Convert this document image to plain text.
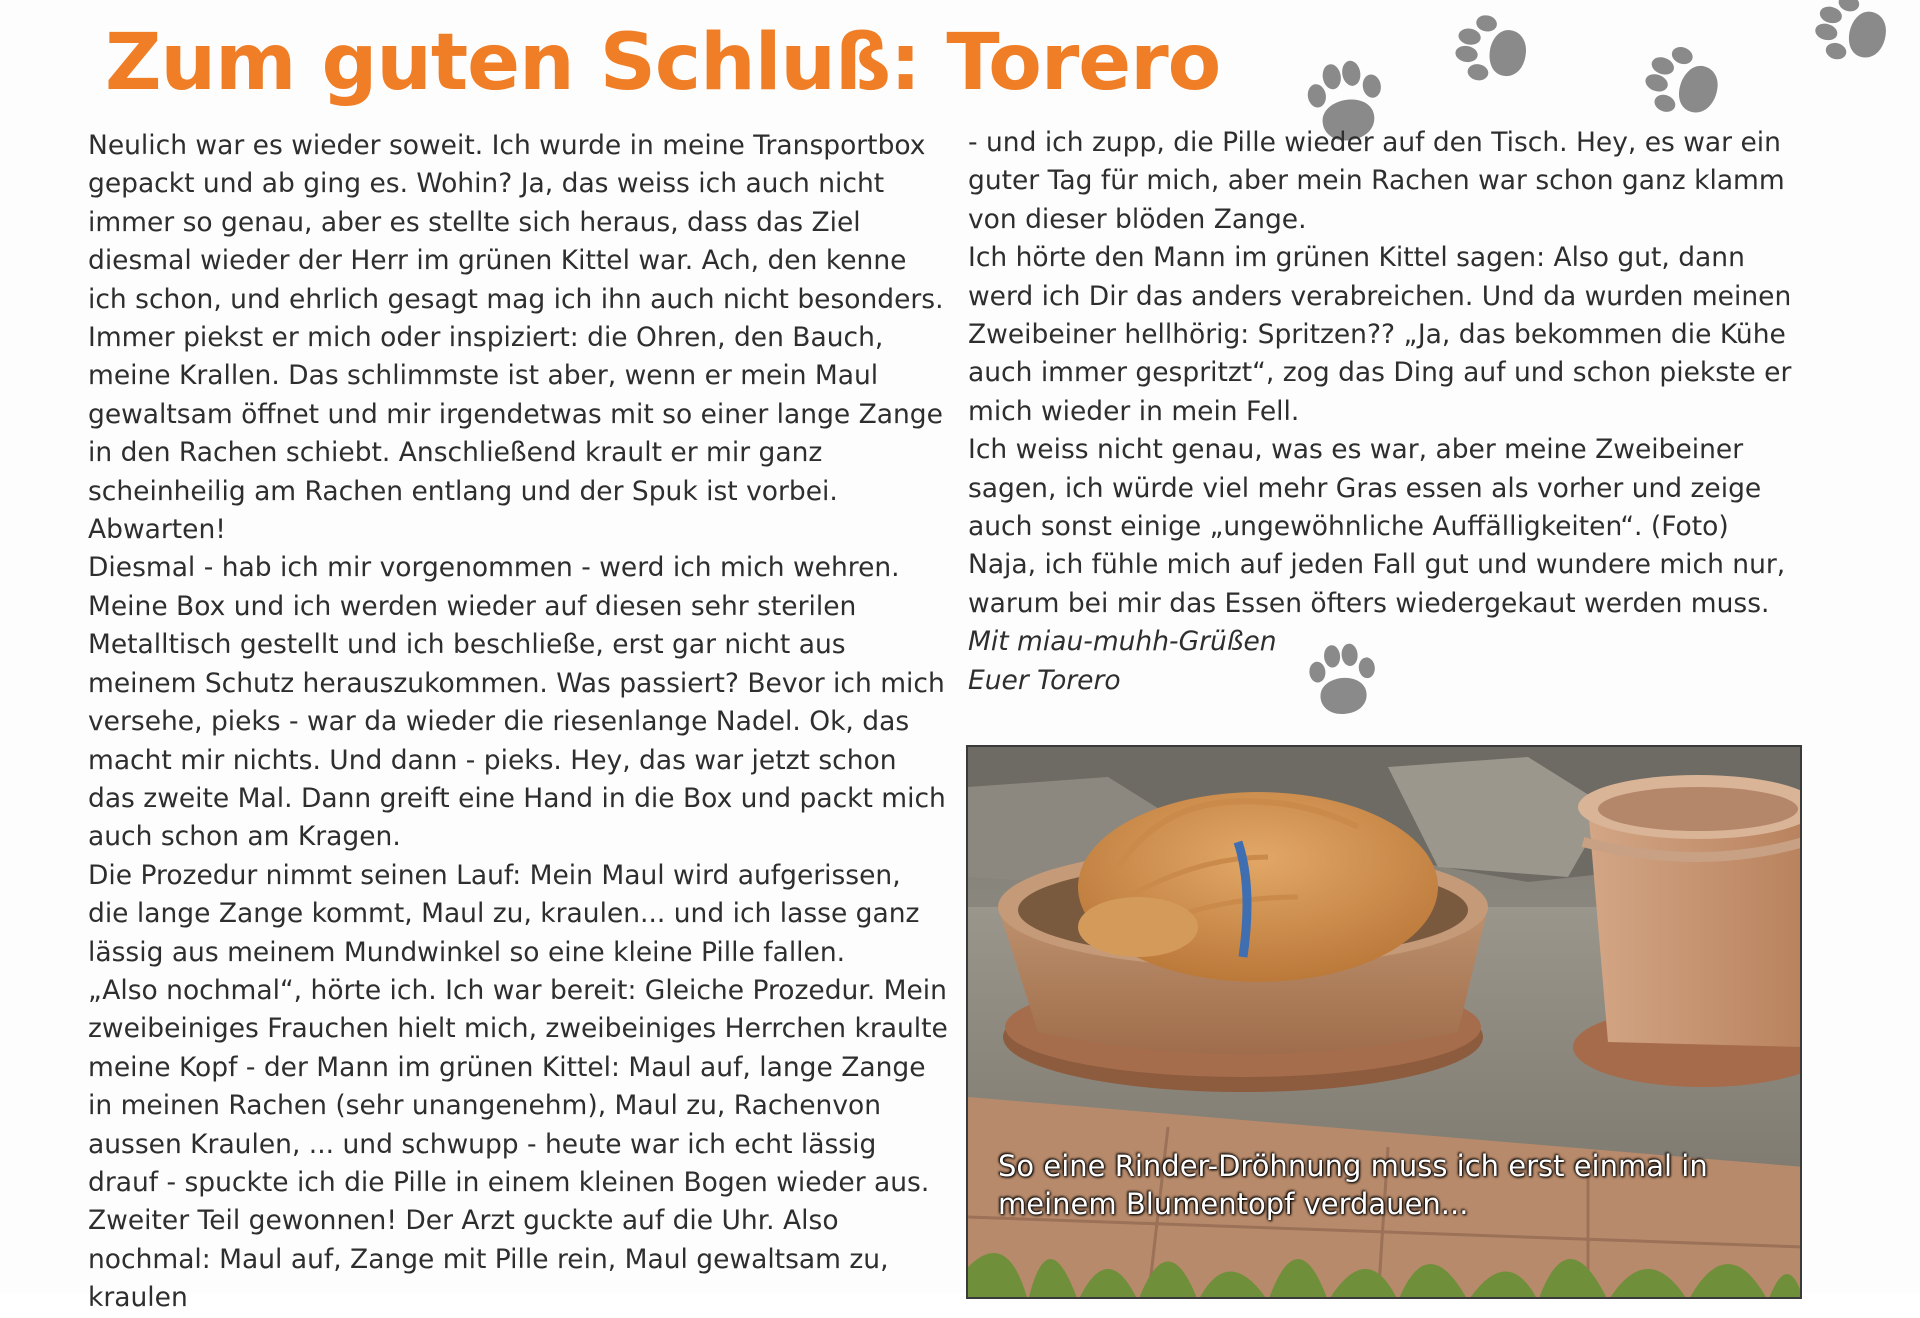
Zum guten Schluß: Torero

Neulich war es wieder soweit. Ich wurde in meine Transportbox gepackt und ab ging es. Wohin? Ja, das weiss ich auch nicht immer so genau, aber es stellte sich heraus, dass das Ziel diesmal wieder der Herr im grünen Kittel war. Ach, den kenne ich schon, und ehrlich gesagt mag ich ihn auch nicht besonders. Immer piekst er mich oder inspiziert: die Ohren, den Bauch, meine Krallen. Das schlimmste ist aber, wenn er mein Maul gewaltsam öffnet und mir irgendetwas mit so einer lange Zange in den Rachen schiebt. Anschließend krault er mir ganz scheinheilig am Rachen entlang und der Spuk ist vorbei.

Abwarten!

Diesmal - hab ich mir vorgenommen - werd ich mich wehren. Meine Box und ich werden wieder auf diesen sehr sterilen Metalltisch gestellt und ich beschließe, erst gar nicht aus meinem Schutz herauszukommen. Was passiert? Bevor ich mich versehe, pieks - war da wieder die riesenlange Nadel. Ok, das macht mir nichts. Und dann - pieks. Hey, das war jetzt schon das zweite Mal. Dann greift eine Hand in die Box und packt mich auch schon am Kragen.

Die Prozedur nimmt seinen Lauf: Mein Maul wird aufgerissen, die lange Zange kommt, Maul zu, kraulen... und ich lasse ganz lässig aus meinem Mundwinkel so eine kleine Pille fallen.

„Also nochmal“, hörte ich. Ich war bereit: Gleiche Prozedur. Mein zweibeiniges Frauchen hielt mich, zweibeiniges Herrchen kraulte meine Kopf - der Mann im grünen Kittel: Maul auf, lange Zange in meinen Rachen (sehr unangenehm), Maul zu, Rachenvon aussen Kraulen, ... und schwupp - heute war ich echt lässig drauf - spuckte ich die Pille in einem kleinen Bogen wieder aus. Zweiter Teil gewonnen! Der Arzt guckte auf die Uhr. Also nochmal: Maul auf, Zange mit Pille rein, Maul gewaltsam zu, kraulen

- und ich zupp, die Pille wieder auf den Tisch. Hey, es war ein guter Tag für mich, aber mein Rachen war schon ganz klamm von dieser blöden Zange.

Ich hörte den Mann im grünen Kittel sagen: Also gut, dann werd ich Dir das anders verabreichen. Und da wurden meinen Zweibeiner hellhörig: Spritzen?? „Ja, das bekommen die Kühe auch immer gespritzt“, zog das Ding auf und schon piekste er mich wieder in mein Fell.

Ich weiss nicht genau, was es war, aber meine Zweibeiner sagen, ich würde viel mehr Gras essen als vorher und zeige auch sonst einige „ungewöhnliche Auffälligkeiten“. (Foto)

Naja, ich fühle mich auf jeden Fall gut und wundere mich nur, warum bei mir das Essen öfters wiedergekaut werden muss.

Mit miau-muhh-Grüßen

Euer Torero

So eine Rinder-Dröhnung muss ich erst einmal in meinem Blumentopf verdauen...
